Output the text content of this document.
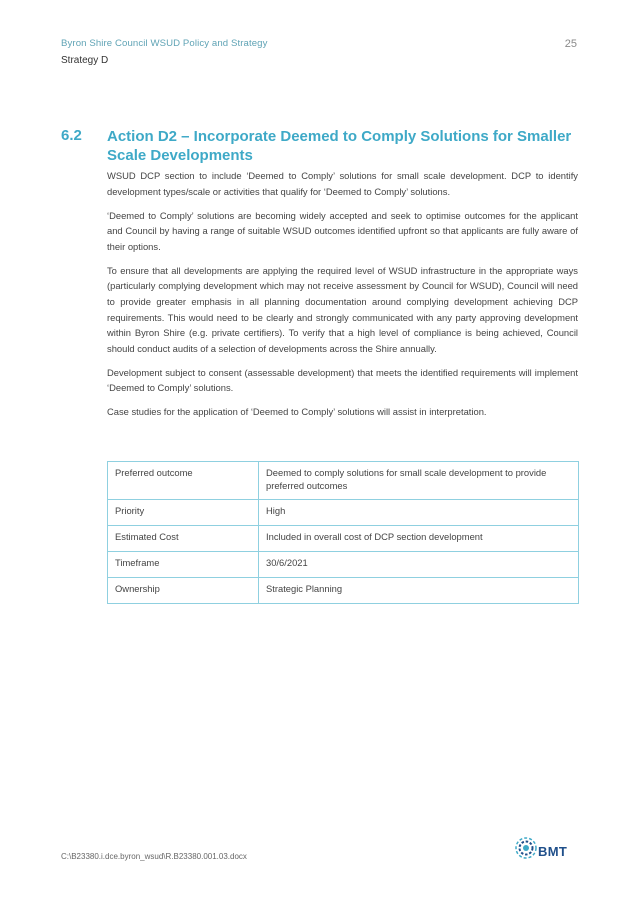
Byron Shire Council WSUD Policy and Strategy
Strategy D
25
6.2 Action D2 – Incorporate Deemed to Comply Solutions for Smaller Scale Developments

WSUD DCP section to include ‘Deemed to Comply’ solutions for small scale development. DCP to identify development types/scale or activities that qualify for ‘Deemed to Comply’ solutions.

‘Deemed to Comply’ solutions are becoming widely accepted and seek to optimise outcomes for the applicant and Council by having a range of suitable WSUD outcomes identified upfront so that applicants are fully aware of their options.

To ensure that all developments are applying the required level of WSUD infrastructure in the appropriate ways (particularly complying development which may not receive assessment by Council for WSUD), Council will need to provide greater emphasis in all planning documentation around complying development achieving DCP requirements. This would need to be clearly and strongly communicated with any party approving development within Byron Shire (e.g. private certifiers). To verify that a high level of compliance is being achieved, Council should conduct audits of a selection of developments across the Shire annually.

Development subject to consent (assessable development) that meets the identified requirements will implement ‘Deemed to Comply’ solutions.

Case studies for the application of ‘Deemed to Comply’ solutions will assist in interpretation.

Preferred outcome	Deemed to comply solutions for small scale development to provide preferred outcomes
Priority	High
Estimated Cost	Included in overall cost of DCP section development
Timeframe	30/6/2021
Ownership	Strategic Planning
C:\B23380.i.dce.byron_wsud\R.B23380.001.03.docx	BMT
